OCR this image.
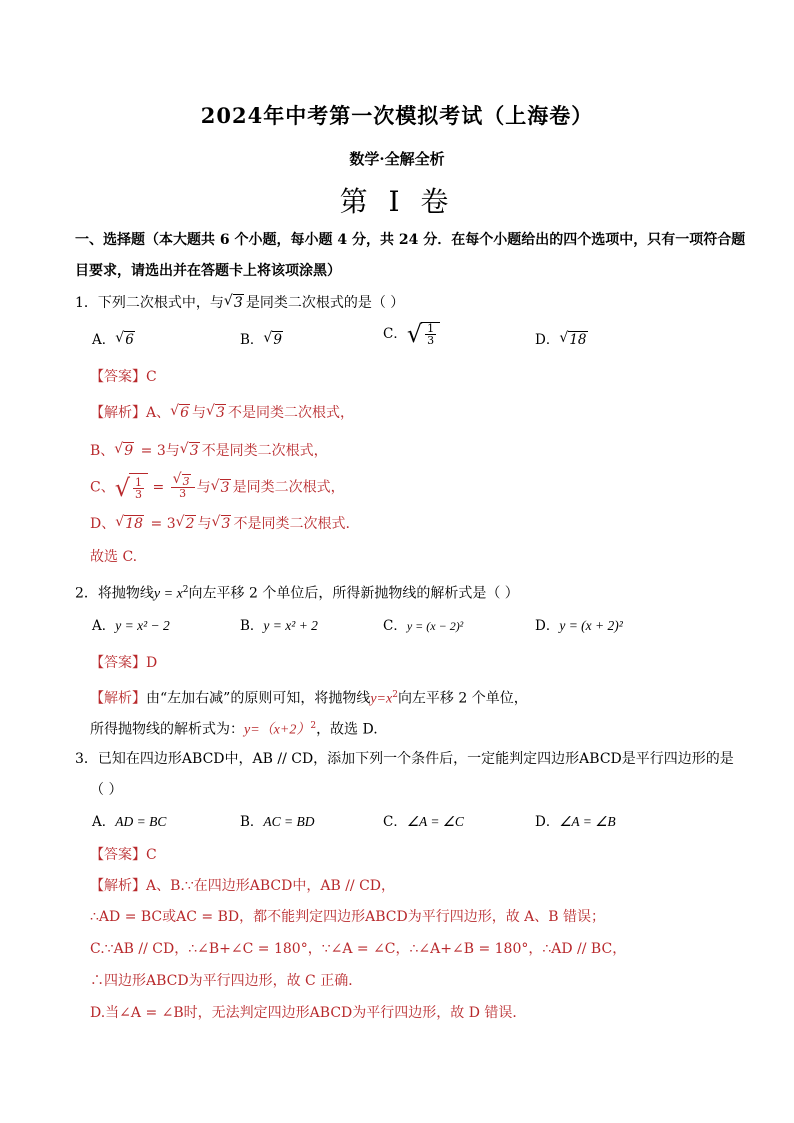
2024年中考第一次模拟考试（上海卷）
数学·全解全析
第 I 卷
一、选择题（本大题共 6 个小题，每小题 4 分，共 24 分．在每个小题给出的四个选项中，只有一项符合题
目要求，请选出并在答题卡上将该项涂黑）
1．下列二次根式中，与 √ 3 是同类二次根式的是（ ）
A． √ 6	B． √ 9	C． √ $\frac{1}{3}$	D． √ 18
【答案】C
【解析】A、 √ 6 与 √ 3 不是同类二次根式，
B、 √ 9 = 3与 √ 3 不是同类二次根式，
C、 √ $\frac{1}{3}$ = √ $\frac{3}{3}$ 与 √ 3 是同类二次根式，
D、 √ 18 = 3 √ 2 与 √ 3 不是同类二次根式.
故选 C.
2．将抛物线$y = x^2$向左平移 2 个单位后，所得新抛物线的解析式是（ ）
A．y = x² − 2	B．y = x² + 2	C．y = (x − 2)²	D．y = (x + 2)²
【答案】D
【解析】由“左加右减”的原则可知，将抛物线$y=x^2$向左平移 2 个单位，
所得抛物线的解析式为：$y=(x+2)^2$，故选 D.
3．已知在四边形ABCD中，AB // CD，添加下列一个条件后，一定能判定四边形ABCD是平行四边形的是
（ ）
A．AD = BC	B．AC = BD	C．∠A = ∠C	D．∠A = ∠B
【答案】C
【解析】A、B.∵在四边形ABCD中，AB // CD，
∴AD = BC或AC = BD，都不能判定四边形ABCD为平行四边形，故 A、B 错误；
C.∵AB // CD，∴∠B+∠C = 180°，∵∠A = ∠C，∴∠A+∠B = 180°，∴AD // BC，
∴四边形ABCD为平行四边形，故 C 正确．
D.当∠A = ∠B时，无法判定四边形ABCD为平行四边形，故 D 错误．
